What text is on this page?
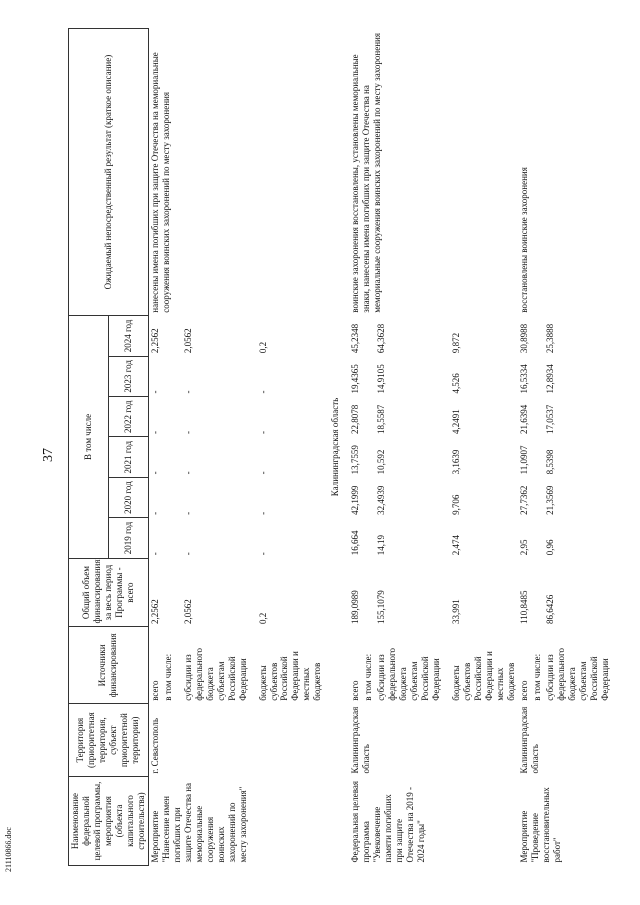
37
21110866.doc
Наименование федеральной целевой программы, мероприятия (объекта капитального строительства)	Территория (приоритетная территория, субъект приоритетной территории)	Источники финансирования	Общий объем финансирования за весь период Программы - всего	В том числе						Ожидаемый непосредственный результат (краткое описание)
				2019 год	2020 год	2021 год	2022 год	2023 год	2024 год	
Мероприятие "Нанесение имен погибших при защите Отечества на мемориальные сооружения воинских захоронений по месту захоронения"	г. Севастополь	всего	2,2562	-	-	-	-	-	2,2562	нанесены имена погибших при защите Отечества на мемориальные сооружения воинских захоронений по месту захоронения
		в том числе:								
		субсидии из федерального бюджета субъектам Российской Федерации	2,0562	-	-	-	-	-	2,0562	
		бюджеты субъектов Российской Федерации и местных бюджетов	0,2	-	-	-	-	-	0,2	
Калининградская область										
Федеральная целевая программа "Увековечение памяти погибших при защите Отечества на 2019 - 2024 годы"	Калининградская область	всего	189,0989	16,664	42,1999	13,7559	22,8078	19,4365	45,2348	воинские захоронения восстановлены, установлены мемориальные знаки, нанесены имена погибших при защите Отечества на мемориальные сооружения воинских захоронений по месту захоронения
		в том числе:								
		субсидии из федерального бюджета субъектам Российской Федерации	155,1079	14,19	32,4939	10,592	18,5587	14,9105	64,3628	
		бюджеты субъектов Российской Федерации и местных бюджетов	33,991	2,474	9,706	3,1639	4,2491	4,526	9,872	
Мероприятие "Проведение восстановительных работ"	Калининградская область	всего	110,8485	2,95	27,7362	11,0907	21,6394	16,5334	30,8988	восстановлены воинские захоронения
		в том числе:								
		субсидии из федерального бюджета субъектам Российской Федерации	86,6426	0,96	21,3569	8,5398	17,0537	12,8934	25,3888	
